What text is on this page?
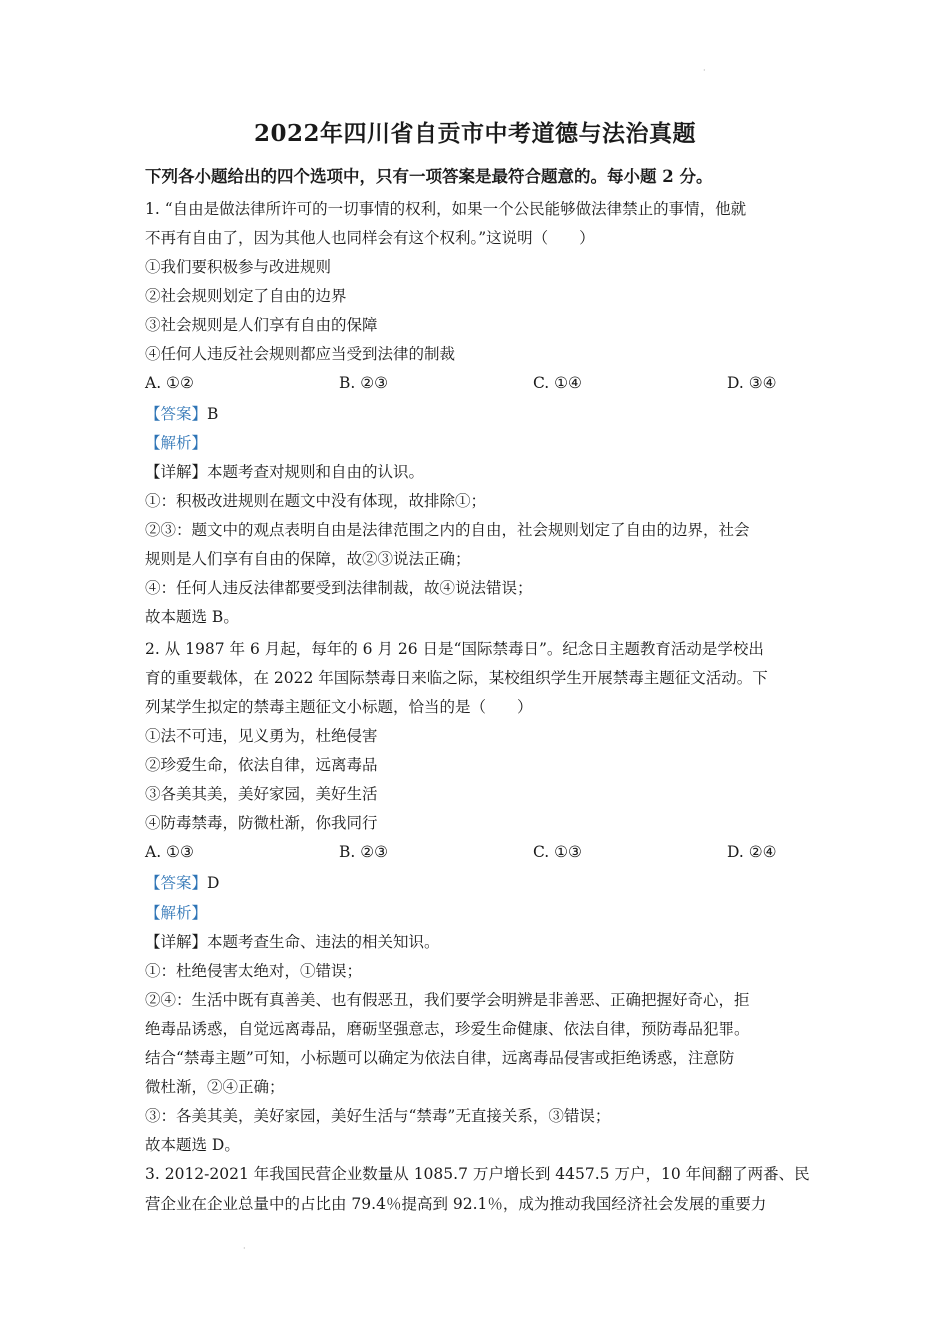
·
2022年四川省自贡市中考道德与法治真题
下列各小题给出的四个选项中，只有一项答案是最符合题意的。每小题 2 分。
1. “自由是做法律所许可的一切事情的权利，如果一个公民能够做法律禁止的事情，他就
不再有自由了，因为其他人也同样会有这个权利。”这说明（　　）
①我们要积极参与改进规则
②社会规则划定了自由的边界
③社会规则是人们享有自由的保障
④任何人违反社会规则都应当受到法律的制裁
A. ①②	B. ②③	C. ①④	D. ③④
【答案】B
【解析】
【详解】本题考查对规则和自由的认识。
①：积极改进规则在题文中没有体现，故排除①；
②③：题文中的观点表明自由是法律范围之内的自由，社会规则划定了自由的边界，社会
规则是人们享有自由的保障，故②③说法正确；
④：任何人违反法律都要受到法律制裁，故④说法错误；
故本题选 B。
2. 从 1987 年 6 月起，每年的 6 月 26 日是“国际禁毒日”。纪念日主题教育活动是学校出
育的重要载体，在 2022 年国际禁毒日来临之际，某校组织学生开展禁毒主题征文活动。下
列某学生拟定的禁毒主题征文小标题，恰当的是（　　）
①法不可违，见义勇为，杜绝侵害
②珍爱生命，依法自律，远离毒品
③各美其美，美好家园，美好生活
④防毒禁毒，防微杜渐，你我同行
A. ①③	B. ②③	C. ①③	D. ②④
【答案】D
【解析】
【详解】本题考查生命、违法的相关知识。
①：杜绝侵害太绝对，①错误；
②④：生活中既有真善美、也有假恶丑，我们要学会明辨是非善恶、正确把握好奇心，拒
绝毒品诱惑，自觉远离毒品，磨砺坚强意志，珍爱生命健康、依法自律，预防毒品犯罪。
结合“禁毒主题”可知，小标题可以确定为依法自律，远离毒品侵害或拒绝诱惑，注意防
微杜渐，②④正确；
③：各美其美，美好家园，美好生活与“禁毒”无直接关系，③错误；
故本题选 D。
3. 2012-2021 年我国民营企业数量从 1085.7 万户增长到 4457.5 万户，10 年间翻了两番、民
营企业在企业总量中的占比由 79.4％提高到 92.1％，成为推动我国经济社会发展的重要力
·
